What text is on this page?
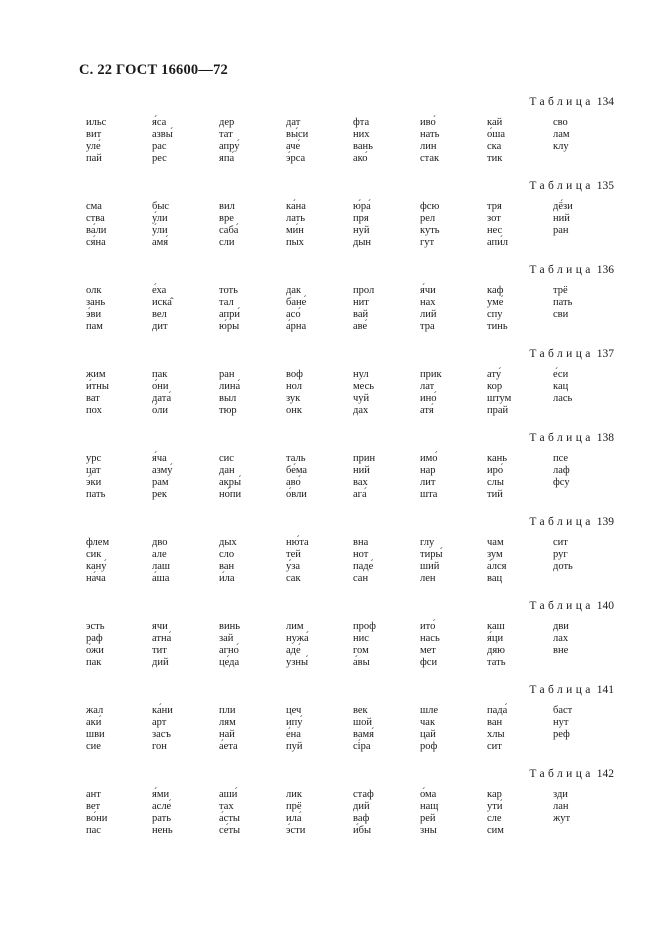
С. 22 ГОСТ 16600—72
Таблица 134
ильс
вит
уле́
пай
я́са
азвы́
рас
рес
дер
тат
апру́
япа́
дат
вы́си
аче́
э́рса
фта
них
вань
ако́
иво́
нать
лин
стак
кай
о́ша
ска
тик
сво
лам
клу
Таблица 135
сма
ства
ва́ли
ся́на
быс
у́ли
у́ли
амя́
вил
вре
саба́
сли
ка́на
лать
ми́н
пых
ю́ра́
пря
нуй
дын
фсю
рел
куть
гут
тря
зот
нес
апи́л
дё́зи
ний
ран
Таблица 136
олк
зань
э́ви
пам
е́ха
иска̂
вел
дит
тоть
тал
апри́
ю́ры
дак
бане́
асо́
а́рна
прол
нит
вай
аве́
я́чи
нах
лий
тра
каф
уме́
спу
тинь
трё
пать
сви
Таблица 137
жим
и́тны
ват
пох
пак
о́ни
дата́
о́ли
ран
лина́
выл
тюр
воф
нол
зук
онк
нул
месь
чуй
дах
прик
лат
ино́
атя́
ату́
кор
штум
прай
е́си
кац
лась
Таблица 138
урс
цат
э́ки
пать
я́ча
азму́
рам
рек
сис
дан
акры́
но́пи
таль
бе́ма
аво́
о́вли
прин
ний
вах
ага́
имо́
нар
лит
шта
кань
иро́
слы
тий
псе
лаф
фсу
Таблица 139
флем
сик
кану́
на́ча
дво
але
лаш
а́ша
дых
сло
ван
и́ла
ню́та
тей
у́за
сак
вна
нот
паде́
сан
глу
тиры́
ший
лен
чам
зум
а́лся
вац
сит
руг
доть
Таблица 140
эсть
раф
о́жи
пак
ячи
атна́
тит
дий
винь
зай
агно́
це́да
лим
нужа́
аде́
узны́
проф
нис
гом
а́вы
ито́
нась
мет
фси
каш
я́ци
дяю
тать
дви
лах
вне
Таблица 141
жал
аки́
шви
сие
ка́ни
арт
засъ
гон
пли
лям
най
а́ета
цеч
ипу́
е́на
пуй
век
шой
вамя́
сі́ра
шле
чак
цай
роф
пада́
ван
хлы
сит
баст
нут
реф
Таблица 142
ант
вет
во́ни
пас
я́ми
асле́
рать
нень
аши́
тах
а́сты
се́ты
лик
прё
ила́
э́сти
стаф
дий
ваф
и́бы
о́ма
нащ
рей
зны
кар
ути́
сле
сим
зди
лан
жут
